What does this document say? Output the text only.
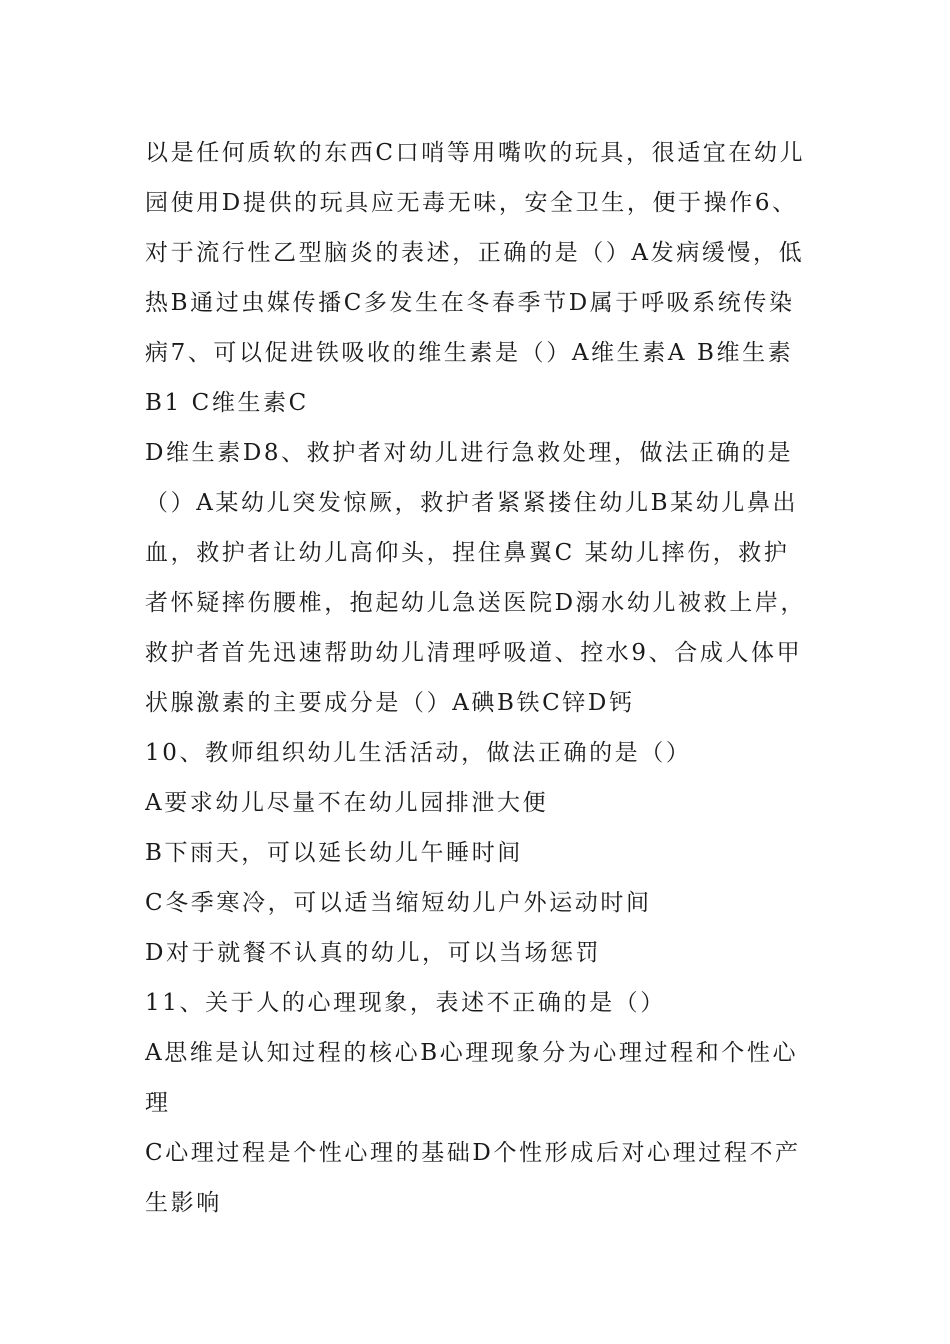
以是任何质软的东西C口哨等用嘴吹的玩具，很适宜在幼儿
园使用D提供的玩具应无毒无味，安全卫生，便于操作6、
对于流行性乙型脑炎的表述，正确的是（）A发病缓慢，低
热B通过虫媒传播C多发生在冬春季节D属于呼吸系统传染
病7、可以促进铁吸收的维生素是（）A维生素A B维生素
B1 C维生素C
D维生素D8、救护者对幼儿进行急救处理，做法正确的是
（）A某幼儿突发惊厥，救护者紧紧搂住幼儿B某幼儿鼻出
血，救护者让幼儿高仰头，捏住鼻翼C 某幼儿摔伤，救护
者怀疑摔伤腰椎，抱起幼儿急送医院D溺水幼儿被救上岸，
救护者首先迅速帮助幼儿清理呼吸道、控水9、合成人体甲
状腺激素的主要成分是（）A碘B铁C锌D钙
10、教师组织幼儿生活活动，做法正确的是（）
A要求幼儿尽量不在幼儿园排泄大便
B下雨天，可以延长幼儿午睡时间
C冬季寒冷，可以适当缩短幼儿户外运动时间
D对于就餐不认真的幼儿，可以当场惩罚
11、关于人的心理现象，表述不正确的是（）
A思维是认知过程的核心B心理现象分为心理过程和个性心
理
C心理过程是个性心理的基础D个性形成后对心理过程不产
生影响
